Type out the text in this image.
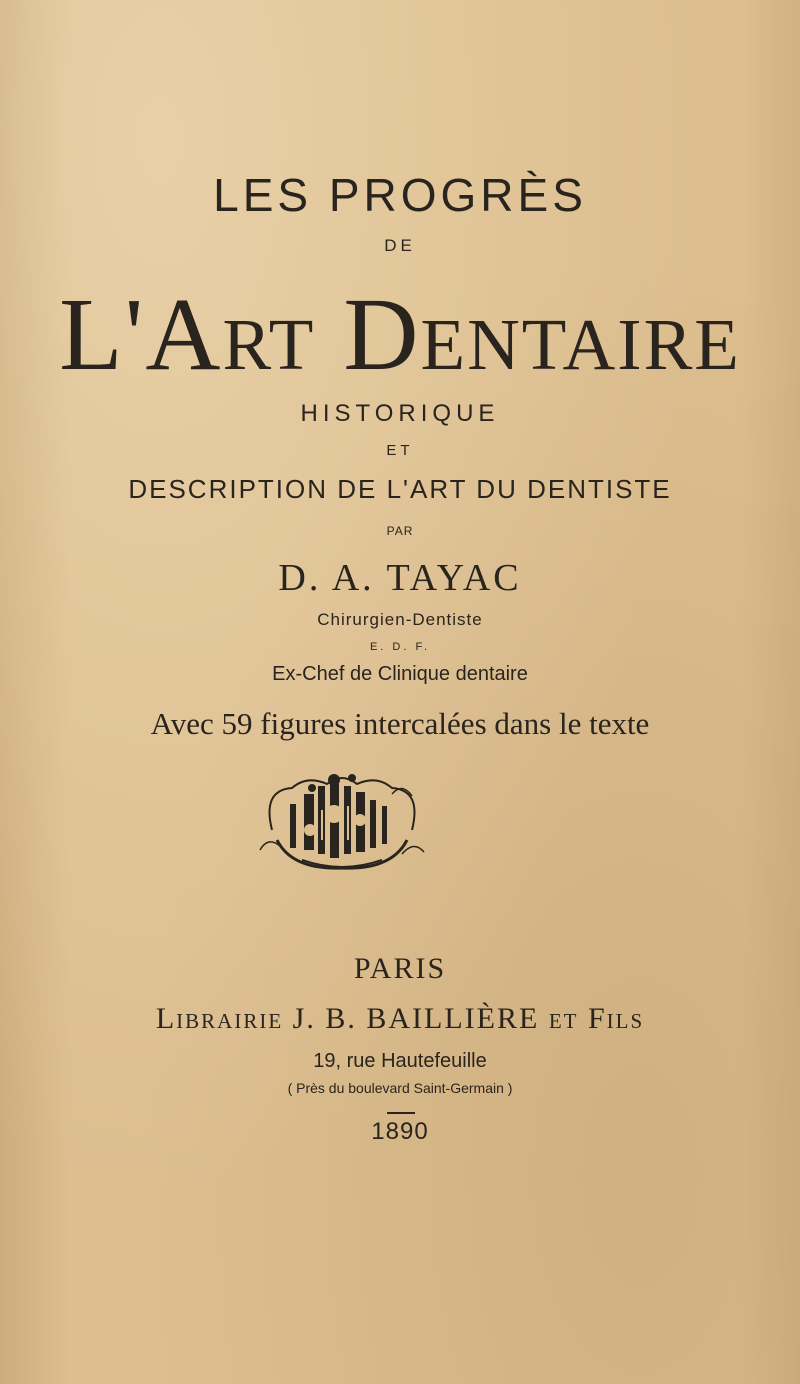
LES PROGRÈS
DE
L'Art Dentaire
HISTORIQUE
ET
DESCRIPTION DE L'ART DU DENTISTE
PAR
D. A. TAYAC
Chirurgien-Dentiste
E. D. F.
Ex-Chef de Clinique dentaire
Avec 59 figures intercalées dans le texte
PARIS
Librairie J. B. BAILLIÈRE et Fils
19, rue Hautefeuille
( Près du boulevard Saint-Germain )
1890
